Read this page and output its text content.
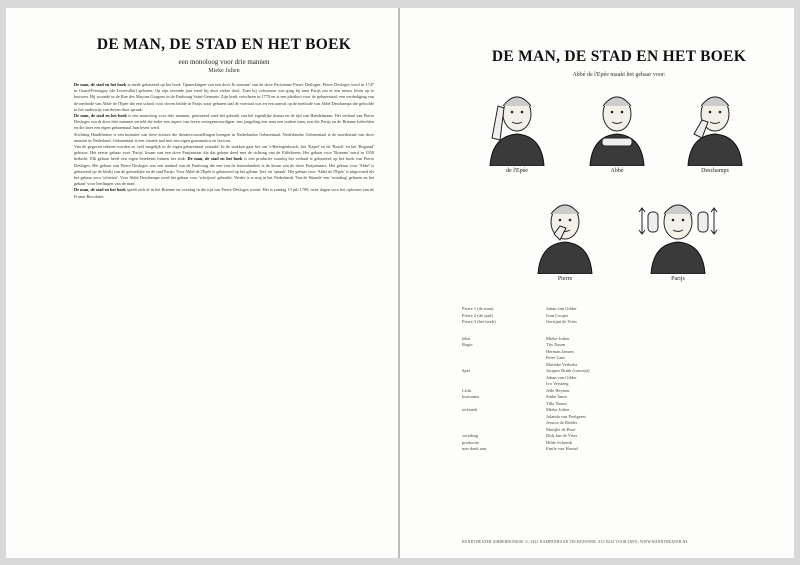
DE MAN, DE STAD EN HET BOEK
een monoloog voor drie mannen
Mieke Julien

De man, de stad en het boek is mede gebaseerd op het boek 'Opmerkingen van een dove & stomme' van de dove Parisienne Pierre Desloges. Pierre Desloges werd in 1747 in Grand-Pressigny (de Loirevallei) geboren. Op zijn zevende jaar werd hij door ziekte doof. Toen hij volwassen was ging hij naar Parijs om er een nieuw leven op te bouwen. Hij woonde in de Rue des Maçons Gorgnes in de Faubourg Saint-Germain. Zijn boek verscheen in 1779 en is een pleidooi voor de gebarentaal, een verdediging van de methode van Abbé de l'Epée die een school voor doven leidde in Parijs waar gebaren taal de voertaal was en een aanval op de methode van Abbé Deschamps die geloofde in het onderwijs van doven door spraak.

De man, de stad en het boek is een monoloog voor drie mannen, gesitueerd rond het gebruik van het eigenlijke drama en de tijd van Handelmann. Het verhaal van Pierre Desloges wordt door drie mannen verteld die ieder een aspect van leven vertegenwoordigen: een jongeling een man een oudere man, een die Parijs en de Brienne beleefden en die later een eigen gebarentaal hun leven werd.

Stichting Handtheater is een initiatief van dove acteurs die theatervoorstellingen brengen in Nederlandse Gebarentaal. Nederlandse Gebarentaal is de moedertaal van dove mensen in Nederland. Gebarentaal is een visuele taal met een eigen grammatica en lexicon.

Van de gegeven teksten worden zo veel mogelijk in de eigen gebarentaal vertaald. In de stukken gaat het om 's-Hertogenbosch, het 'Kapel' en de 'Bosch' en het 'Bogaard' gebouw. Het eerste gebaar voor 'Parijs' kwam van een dove Parijzenaar die dat gebaar deed met de richting van de Eiffeltoren. Het gebaar voor 'Brienne' werd in 1950 bedacht. Elk gebaar heeft een eigen betekenis binnen het stuk. De man, de stad en het boek is een productie waarbij het verhaal is gebaseerd op het boek van Pierre Desloges. Het gebaar van Pierre Desloges was een aanbod van de Faubourg die een van de buitenlanders is de leraar van de dove Parijzenaars. Het gebaar voor 'Abbé' is gebaseerd op de kledij van de geestelijke en de stad Parijs. Voor Abbé de l'Epée is gebaseerd op het gebaar 'leer' en 'spraak'. Het gebaar voor 'Abbé de l'Epée' is uitgevoerd als het gebaar voor 'schieten'. Voor Abbé Deschamps werd het gebaar voor 'schrijven' gebruikt. Verder is er nog in het Nederlands 'Van de Waarde' een 'vertaling' gebaren en het gebaar 'voor leerlingen van de man'.

De man, de stad en het boek speelt zich af in het Brienne en overdag in die tijd van Pierre Desloges woont. Het is zondag 13 juli 1789, twee dagen voor het oplossen van de Franse Revolutie.

DE MAN, DE STAD EN HET BOEK
Abbé de l'Epée maakt het gebaar voor:
de l'Epée	Abbé	Deschamps
Pierre	Parijs
Pierre 1 (de man)	Johan van Gilder
Pierre 2 (de stad)	Ivan Cooper
Pierre 3 (het boek)	Gerrijan de Vries
tekst	Mieke Julien
Regie	Tijs Nasen
Herman Jansen
Peter Lans
Marieke Verhulst
Spel	Jacques Brink (concept)
Johan van Gilder
Ivo Versteeg
Licht	Jelle Heynen
kostuums	Sinke Janse
Tilla Nasen
techniek	Mieke Julien
Jolanda van Poelgeest
Jessica de Ridder
Marijke de Boer
vertaling	Dirk Jan de Vries
productie	Hilde Schrenk
met dank aan	Emile van Hoesel
HANDTHEATER ZIBBERDONKSE 11 3451 KAMPENHAAR TELEFOONNR: 033 8234 VOOR INFO: WWW.HANDTHEATER.NL
